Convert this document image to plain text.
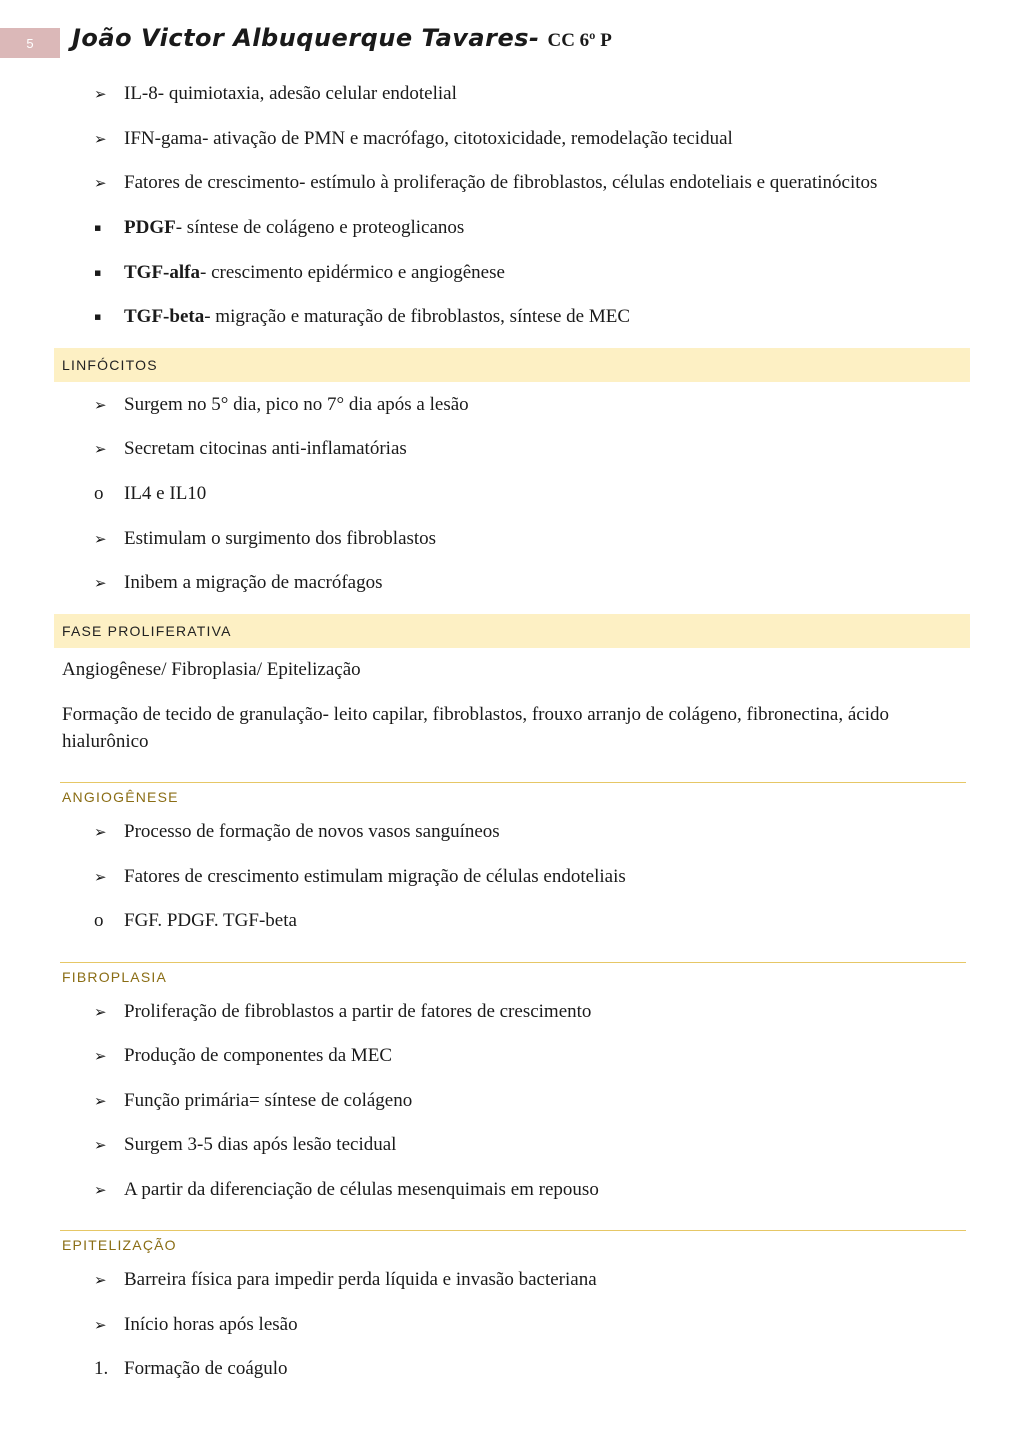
5	João Victor Albuquerque Tavares- CC 6º P
➢ IL-8- quimiotaxia, adesão celular endotelial
➢ IFN-gama- ativação de PMN e macrófago, citotoxicidade, remodelação tecidual
➢ Fatores de crescimento- estímulo à proliferação de fibroblastos, células endoteliais e queratinócitos
▪	PDGF- síntese de colágeno e proteoglicanos
▪	TGF-alfa- crescimento epidérmico e angiogênese
▪	TGF-beta- migração e maturação de fibroblastos, síntese de MEC
LINFÓCITOS
➢ Surgem no 5° dia, pico no 7° dia após a lesão
➢ Secretam citocinas anti-inflamatórias
o	IL4 e IL10
➢ Estimulam o surgimento dos fibroblastos
➢ Inibem a migração de macrófagos
FASE PROLIFERATIVA
Angiogênese/ Fibroplasia/ Epitelização
Formação de tecido de granulação- leito capilar, fibroblastos, frouxo arranjo de colágeno, fibronectina, ácido hialurônico
ANGIOGÊNESE
➢ Processo de formação de novos vasos sanguíneos
➢ Fatores de crescimento estimulam migração de células endoteliais
o	FGF. PDGF. TGF-beta
FIBROPLASIA
➢ Proliferação de fibroblastos a partir de fatores de crescimento
➢ Produção de componentes da MEC
➢ Função primária= síntese de colágeno
➢ Surgem 3-5 dias após lesão tecidual
➢ A partir da diferenciação de células mesenquimais em repouso
EPITELIZAÇÃO
➢ Barreira física para impedir perda líquida e invasão bacteriana
➢ Início horas após lesão
1. Formação de coágulo
